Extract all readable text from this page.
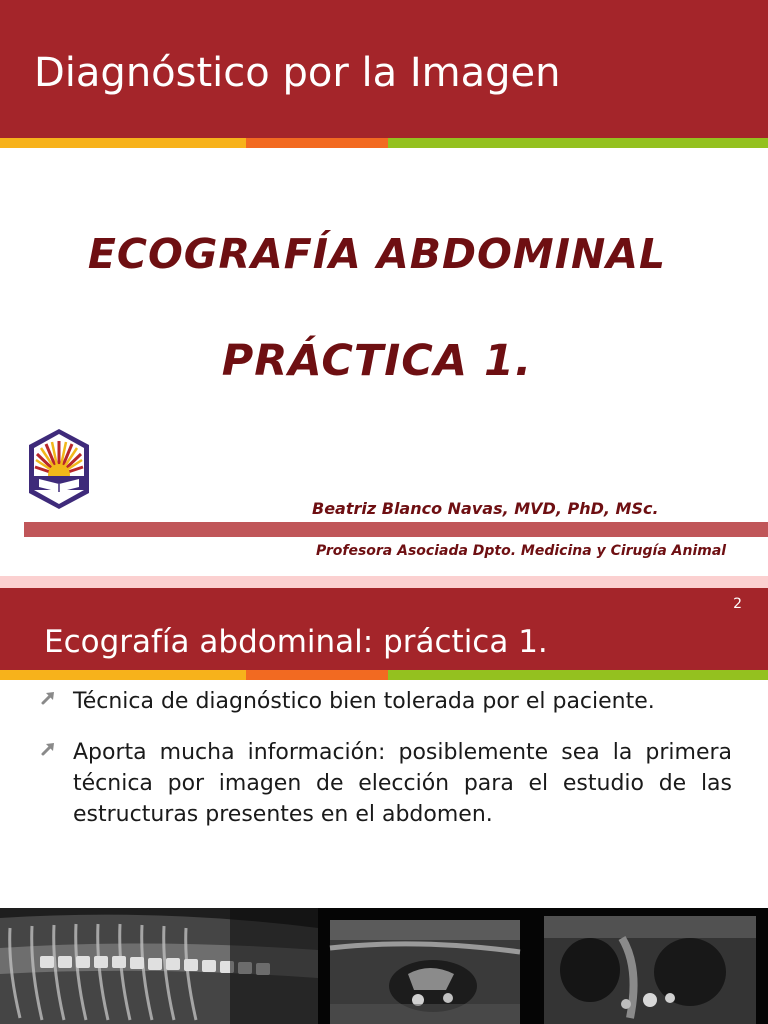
Diagnóstico por la Imagen
ECOGRAFÍA ABDOMINAL
PRÁCTICA 1.
Beatriz Blanco Navas, MVD, PhD, MSc.
Profesora Asociada Dpto. Medicina y Cirugía Animal
2
Ecografía abdominal: práctica 1.
Técnica de diagnóstico bien tolerada por el paciente.
Aporta mucha información: posiblemente sea la primera técnica por imagen de elección para el estudio de las estructuras presentes en el abdomen.
